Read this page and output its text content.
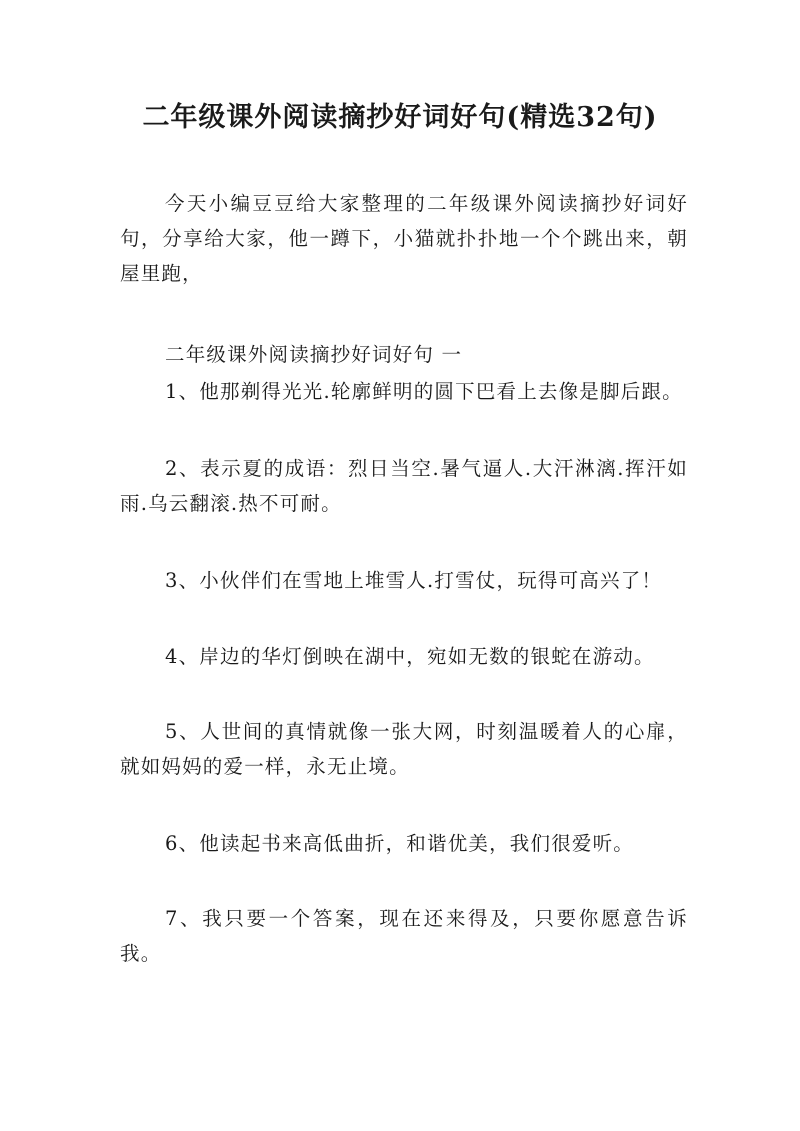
二年级课外阅读摘抄好词好句(精选32句)

今天小编豆豆给大家整理的二年级课外阅读摘抄好词好句，分享给大家，他一蹲下，小猫就扑扑地一个个跳出来，朝屋里跑，

二年级课外阅读摘抄好词好句 一

1、他那剃得光光.轮廓鲜明的圆下巴看上去像是脚后跟。

2、表示夏的成语：烈日当空.暑气逼人.大汗淋漓.挥汗如雨.乌云翻滚.热不可耐。

3、小伙伴们在雪地上堆雪人.打雪仗，玩得可高兴了！

4、岸边的华灯倒映在湖中，宛如无数的银蛇在游动。

5、人世间的真情就像一张大网，时刻温暖着人的心扉，就如妈妈的爱一样，永无止境。

6、他读起书来高低曲折，和谐优美，我们很爱听。

7、我只要一个答案，现在还来得及，只要你愿意告诉我。
